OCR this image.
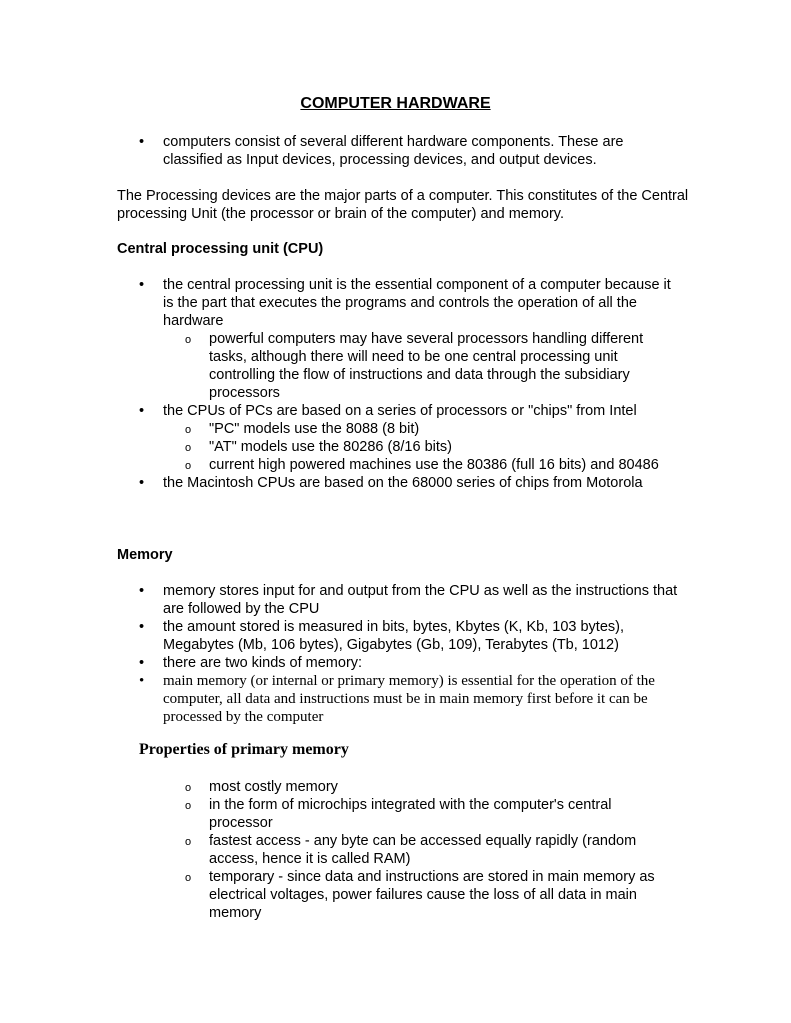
COMPUTER HARDWARE
• computers consist of several different hardware components. These are classified as Input devices, processing devices, and output devices.

The Processing devices are the major parts of a computer. This constitutes of the Central processing Unit (the processor or brain of the computer) and memory.

Central processing unit (CPU)

• the central processing unit is the essential component of a computer because it is the part that executes the programs and controls the operation of all the hardware
o powerful computers may have several processors handling different tasks, although there will need to be one central processing unit controlling the flow of instructions and data through the subsidiary processors
• the CPUs of PCs are based on a series of processors or "chips" from Intel
o "PC" models use the 8088 (8 bit)
o "AT" models use the 80286 (8/16 bits)
o current high powered machines use the 80386 (full 16 bits) and 80486
• the Macintosh CPUs are based on the 68000 series of chips from Motorola

Memory

• memory stores input for and output from the CPU as well as the instructions that are followed by the CPU
• the amount stored is measured in bits, bytes, Kbytes (K, Kb, 103 bytes), Megabytes (Mb, 106 bytes), Gigabytes (Gb, 109), Terabytes (Tb, 1012)
• there are two kinds of memory:
• main memory (or internal or primary memory) is essential for the operation of the computer, all data and instructions must be in main memory first before it can be processed by the computer

Properties of primary memory

o most costly memory
o in the form of microchips integrated with the computer's central processor
o fastest access - any byte can be accessed equally rapidly (random access, hence it is called RAM)
o temporary - since data and instructions are stored in main memory as electrical voltages, power failures cause the loss of all data in main memory
